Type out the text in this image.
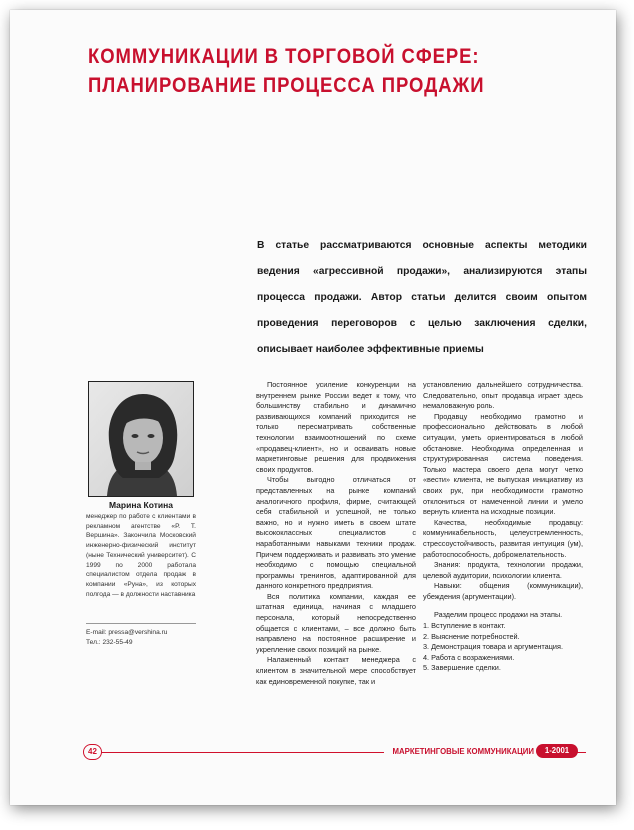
КОММУНИКАЦИИ В ТОРГОВОЙ СФЕРЕ:
ПЛАНИРОВАНИЕ ПРОЦЕССА ПРОДАЖИ
В статье рассматриваются основные аспекты методики ведения «агрессивной продажи», анализируются этапы процесса продажи. Автор статьи делится своим опытом проведения переговоров с целью заключения сделки, описывает наиболее эффективные приемы
Марина Котина
менеджер по работе с клиентами в рекламном агентстве «Р. Т. Вершина». Закончила Московский инженерно-физический институт (ныне Технический университет). С 1999 по 2000 работала специалистом отдела продаж в компании «Руна», из которых полгода — в должности наставника
E-mail: pressa@vershina.ru
Тел.: 232-55-49

Постоянное усиление конкуренции на внутреннем рынке России ведет к тому, что большинству стабильно и динамично развивающихся компаний приходится не только пересматривать собственные технологии взаимоотношений по схеме «продавец-клиент», но и осваивать новые маркетинговые решения для продвижения своих продуктов.

Чтобы выгодно отличаться от представленных на рынке компаний аналогичного профиля, фирме, считающей себя стабильной и успешной, не только важно, но и нужно иметь в своем штате высококлассных специалистов с наработанными навыками техники продаж. Причем поддерживать и развивать это умение необходимо с помощью специальной программы тренингов, адаптированной для данного конкретного предприятия.

Вся политика компании, каждая ее штатная единица, начиная с младшего персонала, который непосредственно общается с клиентами, – все должно быть направлено на постоянное расширение и укрепление своих позиций на рынке.

Налаженный контакт менеджера с клиентом в значительной мере способствует как единовременной покупке, так и

установлению дальнейшего сотрудничества. Следовательно, опыт продавца играет здесь немаловажную роль.

Продавцу необходимо грамотно и профессионально действовать в любой ситуации, уметь ориентироваться в любой обстановке. Необходима определенная и структурированная система поведения. Только мастера своего дела могут четко «вести» клиента, не выпуская инициативу из своих рук, при необходимости грамотно отклониться от намеченной линии и умело вернуть клиента на исходные позиции.

Качества, необходимые продавцу: коммуникабельность, целеустремленность, стрессоустойчивость, развитая интуиция (ум), работоспособность, доброжелательность.

Знания: продукта, технологии продажи, целевой аудитории, психологии клиента.

Навыки: общения (коммуникации), убеждения (аргументации).

Разделим процесс продажи на этапы.

1. Вступление в контакт.

2. Выяснение потребностей.

3. Демонстрация товара и аргументация.

4. Работа с возражениями.

5. Завершение сделки.

42	МАРКЕТИНГОВЫЕ КОММУНИКАЦИИ	1-2001
